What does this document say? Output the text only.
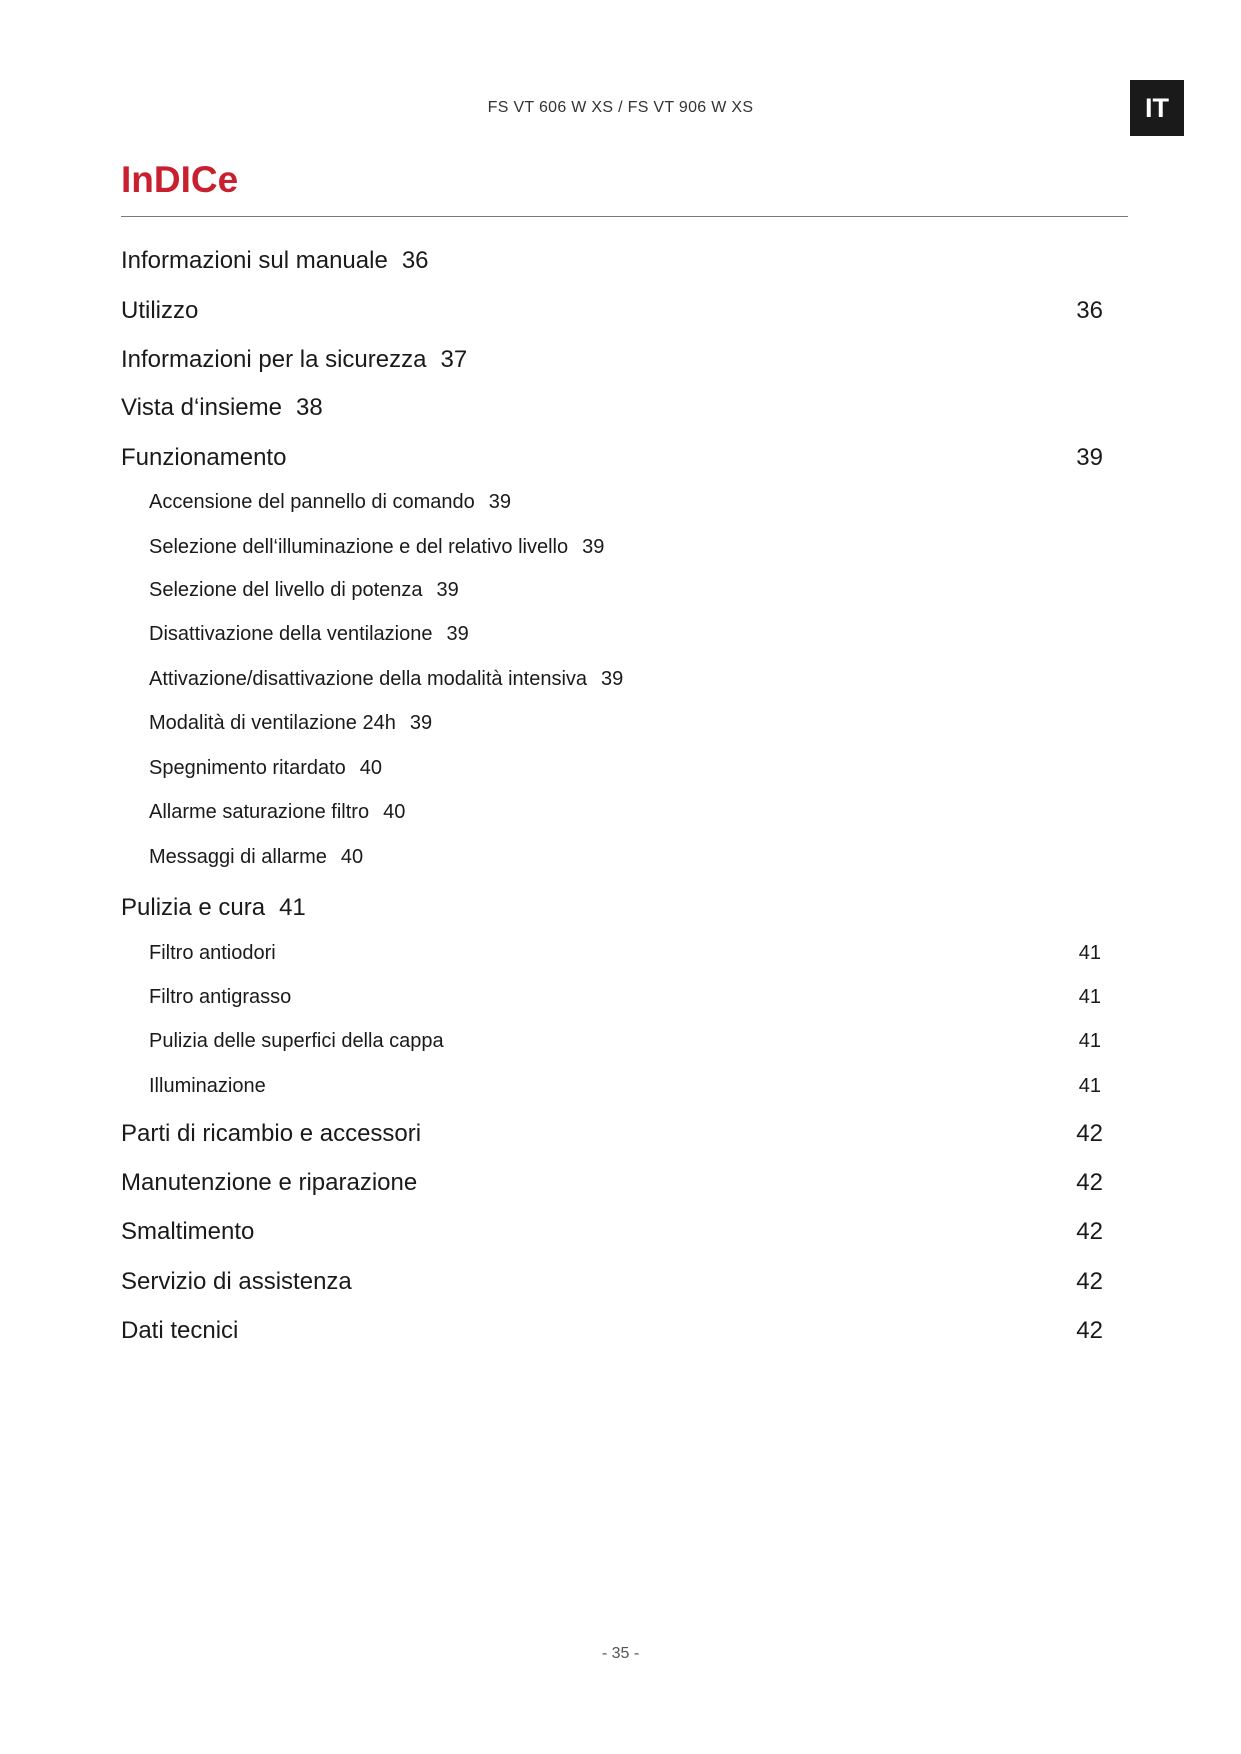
FS VT 606 W XS / FS VT 906 W XS	IT
InDICe
Informazioni sul manuale 36
Utilizzo	36
Informazioni per la sicurezza 37
Vista d‘insieme 38
Funzionamento	39
Accensione del pannello di comando 39
Selezione dell‘illuminazione e del relativo livello 39
Selezione del livello di potenza 39
Disattivazione della ventilazione 39
Attivazione/disattivazione della modalità intensiva 39
Modalità di ventilazione 24h 39
Spegnimento ritardato 40
Allarme saturazione filtro 40
Messaggi di allarme 40
Pulizia e cura 41
Filtro antiodori	41
Filtro antigrasso	41
Pulizia delle superfici della cappa	41
Illuminazione	41
Parti di ricambio e accessori	42
Manutenzione e riparazione	42
Smaltimento	42
Servizio di assistenza	42
Dati tecnici	42
- 35 -
